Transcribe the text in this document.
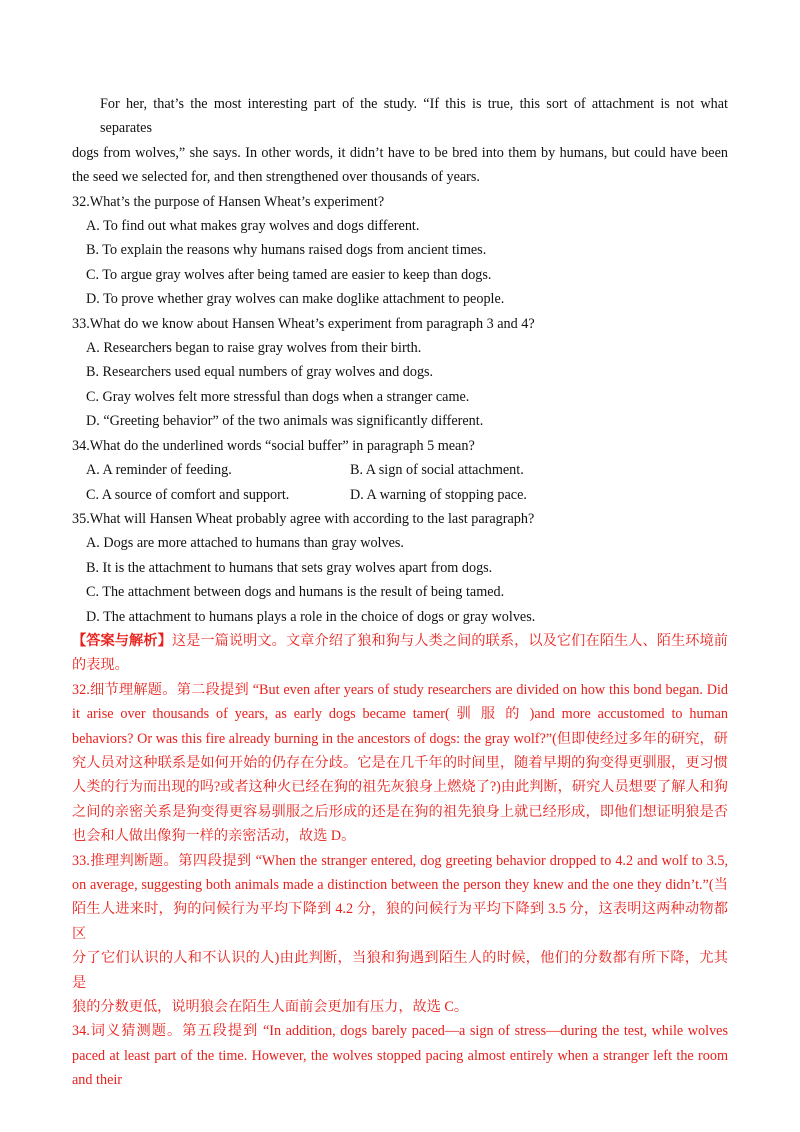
For her, that’s the most interesting part of the study. “If this is true, this sort of attachment is not what separates
dogs from wolves,” she says. In other words, it didn’t have to be bred into them by humans, but could have been
the seed we selected for, and then strengthened over thousands of years.
32.What’s the purpose of Hansen Wheat’s experiment?
A. To find out what makes gray wolves and dogs different.
B. To explain the reasons why humans raised dogs from ancient times.
C. To argue gray wolves after being tamed are easier to keep than dogs.
D. To prove whether gray wolves can make doglike attachment to people.
33.What do we know about Hansen Wheat’s experiment from paragraph 3 and 4?
A. Researchers began to raise gray wolves from their birth.
B. Researchers used equal numbers of gray wolves and dogs.
C. Gray wolves felt more stressful than dogs when a stranger came.
D. “Greeting behavior” of the two animals was significantly different.
34.What do the underlined words “social buffer” in paragraph 5 mean?
A. A reminder of feeding.	B. A sign of social attachment.
C. A source of comfort and support.	D. A warning of stopping pace.
35.What will Hansen Wheat probably agree with according to the last paragraph?
A. Dogs are more attached to humans than gray wolves.
B. It is the attachment to humans that sets gray wolves apart from dogs.
C. The attachment between dogs and humans is the result of being tamed.
D. The attachment to humans plays a role in the choice of dogs or gray wolves.
【答案与解析】这是一篇说明文。文章介绍了狼和狗与人类之间的联系，以及它们在陌生人、陌生环境前
的表现。
32.细节理解题。第二段提到 “But even after years of study researchers are divided on how this bond began. Did
it arise over thousands of years, as early dogs became tamer( 驯 服 的 )and more accustomed to human
behaviors? Or was this fire already burning in the ancestors of dogs: the gray wolf?”(但即使经过多年的研究，研
究人员对这种联系是如何开始的仍存在分歧。它是在几千年的时间里，随着早期的狗变得更驯服，更习惯
人类的行为而出现的吗?或者这种火已经在狗的祖先灰狼身上燃烧了?)由此判断，研究人员想要了解人和狗
之间的亲密关系是狗变得更容易驯服之后形成的还是在狗的祖先狼身上就已经形成，即他们想证明狼是否
也会和人做出像狗一样的亲密活动，故选 D。
33.推理判断题。第四段提到 “When the stranger entered, dog greeting behavior dropped to 4.2 and wolf to 3.5,
on average, suggesting both animals made a distinction between the person they knew and the one they didn’t.”(当
陌生人进来时，狗的问候行为平均下降到 4.2 分，狼的问候行为平均下降到 3.5 分，这表明这两种动物都区
分了它们认识的人和不认识的人)由此判断，当狼和狗遇到陌生人的时候，他们的分数都有所下降，尤其是
狼的分数更低，说明狼会在陌生人面前会更加有压力，故选 C。
34.词义猜测题。第五段提到 “In addition, dogs barely paced—a sign of stress—during the test, while wolves
paced at least part of the time. However, the wolves stopped pacing almost entirely when a stranger left the room
and their
